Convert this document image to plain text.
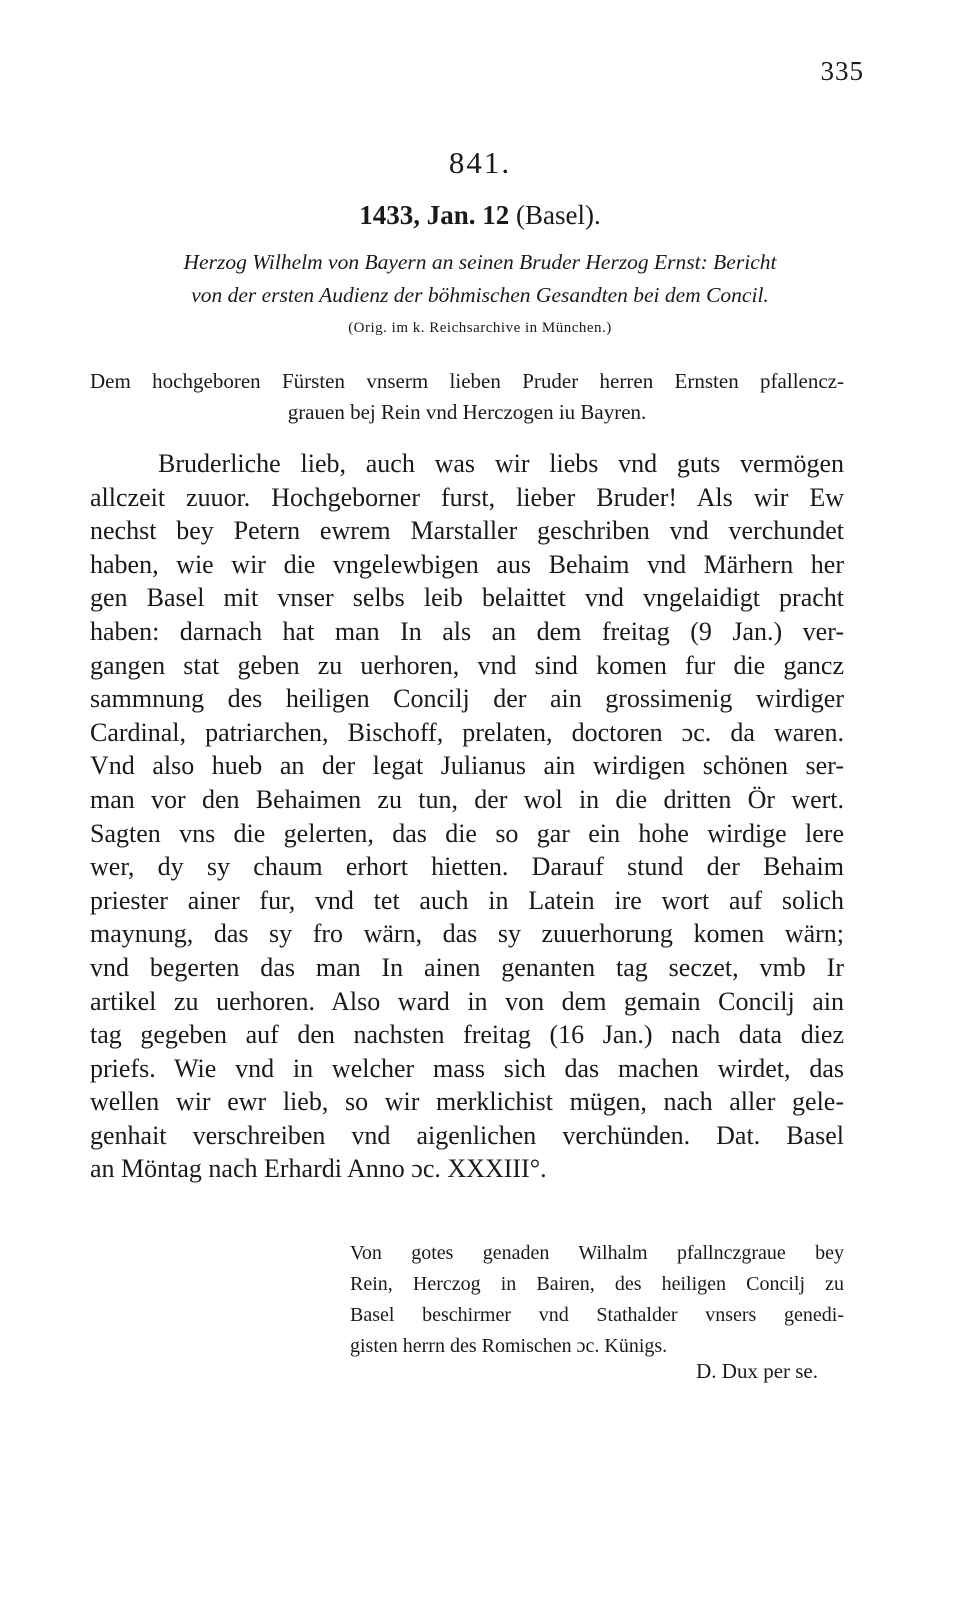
335
841.
1433, Jan. 12 (Basel).
Herzog Wilhelm von Bayern an seinen Bruder Herzog Ernst: Bericht
von der ersten Audienz der böhmischen Gesandten bei dem Concil.
(Orig. im k. Reichsarchive in München.)
Dem hochgeboren Fürsten vnserm lieben Pruder herren Ernsten pfallencz-
grauen bej Rein vnd Herczogen iu Bayren.
Bruderliche lieb, auch was wir liebs vnd guts vermögen
allczeit zuuor. Hochgeborner furst, lieber Bruder! Als wir Ew
nechst bey Petern ewrem Marstaller geschriben vnd verchundet
haben, wie wir die vngelewbigen aus Behaim vnd Märhern her
gen Basel mit vnser selbs leib belaittet vnd vngelaidigt pracht
haben: darnach hat man In als an dem freitag (9 Jan.) ver-
gangen stat geben zu uerhoren, vnd sind komen fur die gancz
sammnung des heiligen Concilj der ain grossimenig wirdiger
Cardinal, patriarchen, Bischoff, prelaten, doctoren ɔc. da waren.
Vnd also hueb an der legat Julianus ain wirdigen schönen ser-
man vor den Behaimen zu tun, der wol in die dritten Ör wert.
Sagten vns die gelerten, das die so gar ein hohe wirdige lere
wer, dy sy chaum erhort hietten. Darauf stund der Behaim
priester ainer fur, vnd tet auch in Latein ire wort auf solich
maynung, das sy fro wärn, das sy zuuerhorung komen wärn;
vnd begerten das man In ainen genanten tag seczet, vmb Ir
artikel zu uerhoren. Also ward in von dem gemain Concilj ain
tag gegeben auf den nachsten freitag (16 Jan.) nach data diez
priefs. Wie vnd in welcher mass sich das machen wirdet, das
wellen wir ewr lieb, so wir merklichist mügen, nach aller gele-
genhait verschreiben vnd aigenlichen verchünden. Dat. Basel
an Möntag nach Erhardi Anno ɔc. XXXIII°.
Von gotes genaden Wilhalm pfallnczgraue bey
Rein, Herczog in Bairen, des heiligen Concilj zu
Basel beschirmer vnd Stathalder vnsers genedi-
gisten herrn des Romischen ɔc. Künigs.
D. Dux per se.
